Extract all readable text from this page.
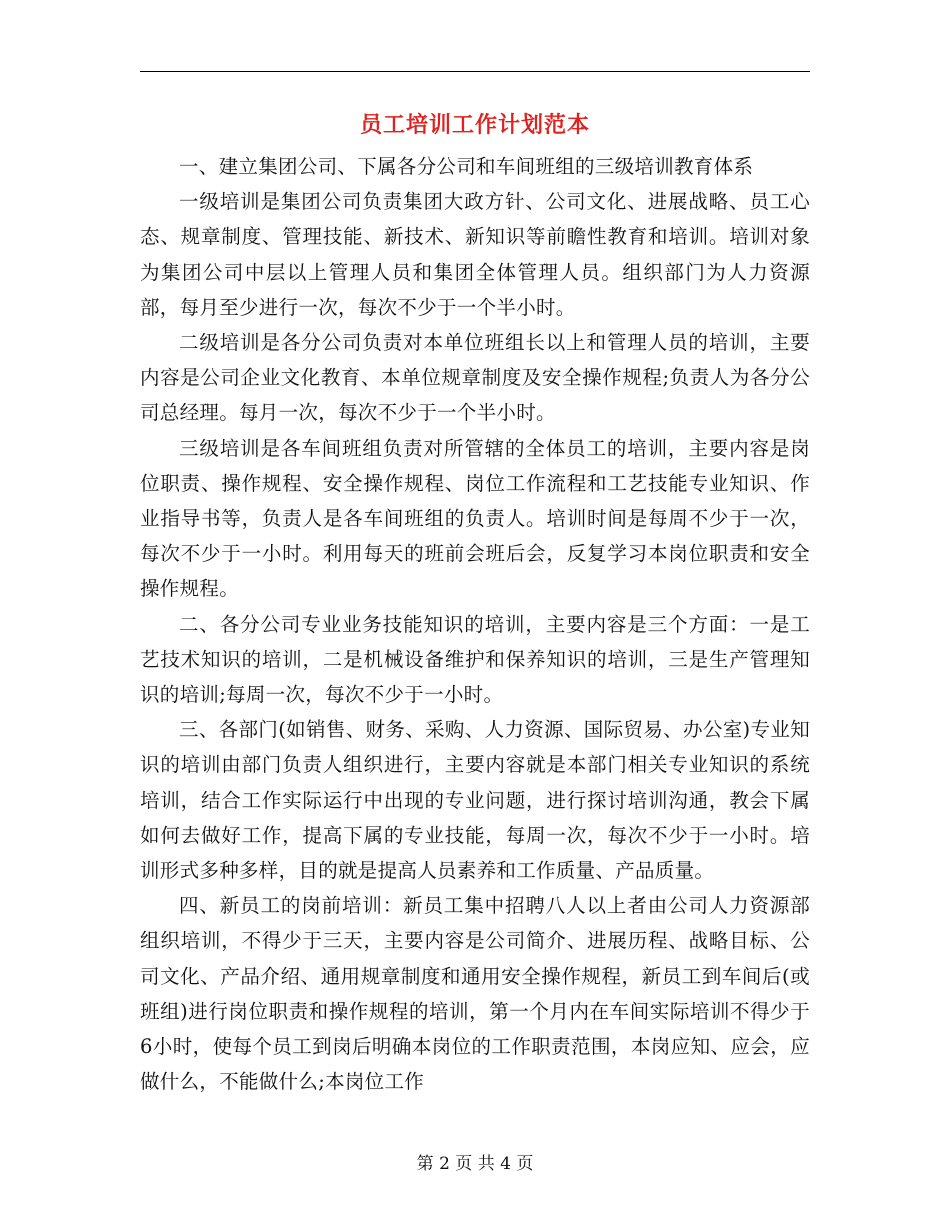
员工培训工作计划范本

一、建立集团公司、下属各分公司和车间班组的三级培训教育体系

一级培训是集团公司负责集团大政方针、公司文化、进展战略、员工心态、规章制度、管理技能、新技术、新知识等前瞻性教育和培训。培训对象为集团公司中层以上管理人员和集团全体管理人员。组织部门为人力资源部，每月至少进行一次，每次不少于一个半小时。

二级培训是各分公司负责对本单位班组长以上和管理人员的培训，主要内容是公司企业文化教育、本单位规章制度及安全操作规程;负责人为各分公司总经理。每月一次，每次不少于一个半小时。

三级培训是各车间班组负责对所管辖的全体员工的培训，主要内容是岗位职责、操作规程、安全操作规程、岗位工作流程和工艺技能专业知识、作业指导书等，负责人是各车间班组的负责人。培训时间是每周不少于一次，每次不少于一小时。利用每天的班前会班后会，反复学习本岗位职责和安全操作规程。

二、各分公司专业业务技能知识的培训，主要内容是三个方面：一是工艺技术知识的培训，二是机械设备维护和保养知识的培训，三是生产管理知识的培训;每周一次，每次不少于一小时。

三、各部门(如销售、财务、采购、人力资源、国际贸易、办公室)专业知识的培训由部门负责人组织进行，主要内容就是本部门相关专业知识的系统培训，结合工作实际运行中出现的专业问题，进行探讨培训沟通，教会下属如何去做好工作，提高下属的专业技能，每周一次，每次不少于一小时。培训形式多种多样，目的就是提高人员素养和工作质量、产品质量。

四、新员工的岗前培训：新员工集中招聘八人以上者由公司人力资源部组织培训，不得少于三天，主要内容是公司简介、进展历程、战略目标、公司文化、产品介绍、通用规章制度和通用安全操作规程，新员工到车间后(或班组)进行岗位职责和操作规程的培训，第一个月内在车间实际培训不得少于6小时，使每个员工到岗后明确本岗位的工作职责范围，本岗应知、应会，应做什么，不能做什么;本岗位工作

第 2 页 共 4 页
